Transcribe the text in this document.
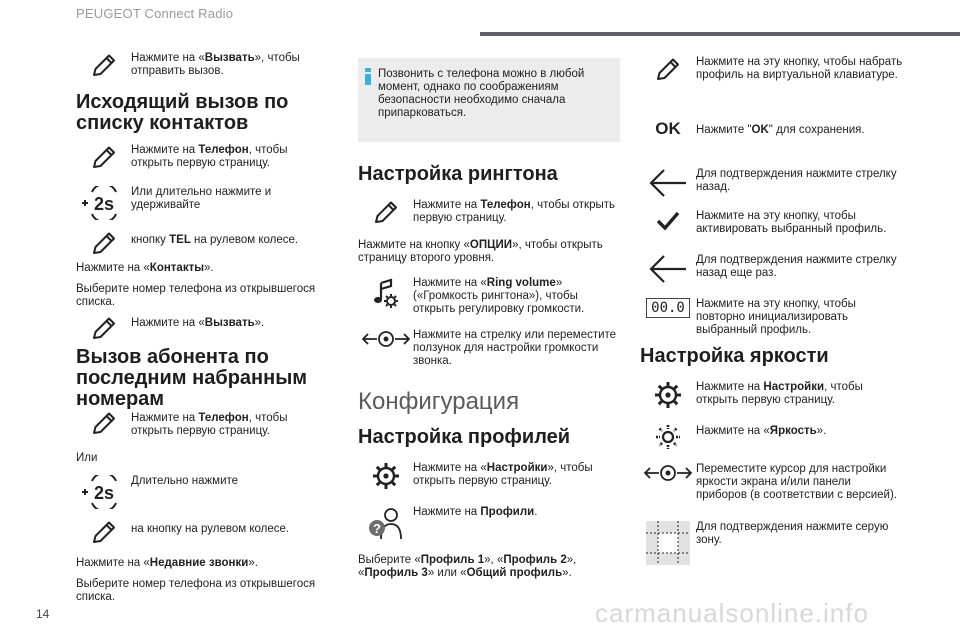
PEUGEOT Connect Radio
Нажмите на «Вызвать», чтобы отправить вызов.
Исходящий вызов по списку контактов
Нажмите на Телефон, чтобы открыть первую страницу.
2s
Или длительно нажмите и удерживайте
кнопку TEL на рулевом колесе.
Нажмите на «Контакты».
Выберите номер телефона из открывшегося списка.
Нажмите на «Вызвать».
Вызов абонента по последним набранным номерам
Нажмите на Телефон, чтобы открыть первую страницу.
Или
2s
Длительно нажмите
на кнопку на рулевом колесе.
Нажмите на «Недавние звонки».
Выберите номер телефона из открывшегося списка.
Позвонить с телефона можно в любой момент, однако по соображениям безопасности необходимо сначала припарковаться.
Настройка рингтона
Нажмите на Телефон, чтобы открыть первую страницу.
Нажмите на кнопку «ОПЦИИ», чтобы открыть страницу второго уровня.
Нажмите на «Ring volume» («Громкость рингтона»), чтобы открыть регулировку громкости.
Нажмите на стрелку или переместите ползунок для настройки громкости звонка.
Конфигурация
Настройка профилей
Нажмите на «Настройки», чтобы открыть первую страницу.
?
Нажмите на Профили.
Выберите «Профиль 1», «Профиль 2», «Профиль 3» или «Общий профиль».
Нажмите на эту кнопку, чтобы набрать профиль на виртуальной клавиатуре.
OK Нажмите "OK" для сохранения.
Для подтверждения нажмите стрелку назад.
Нажмите на эту кнопку, чтобы активировать выбранный профиль.
Для подтверждения нажмите стрелку назад еще раз.
00.0 Нажмите на эту кнопку, чтобы повторно инициализировать выбранный профиль.
Настройка яркости
Нажмите на Настройки, чтобы открыть первую страницу.
Нажмите на «Яркость».
Переместите курсор для настройки яркости экрана и/или панели приборов (в соответствии с версией).
Для подтверждения нажмите серую зону.
14	carmanualsonline.info
